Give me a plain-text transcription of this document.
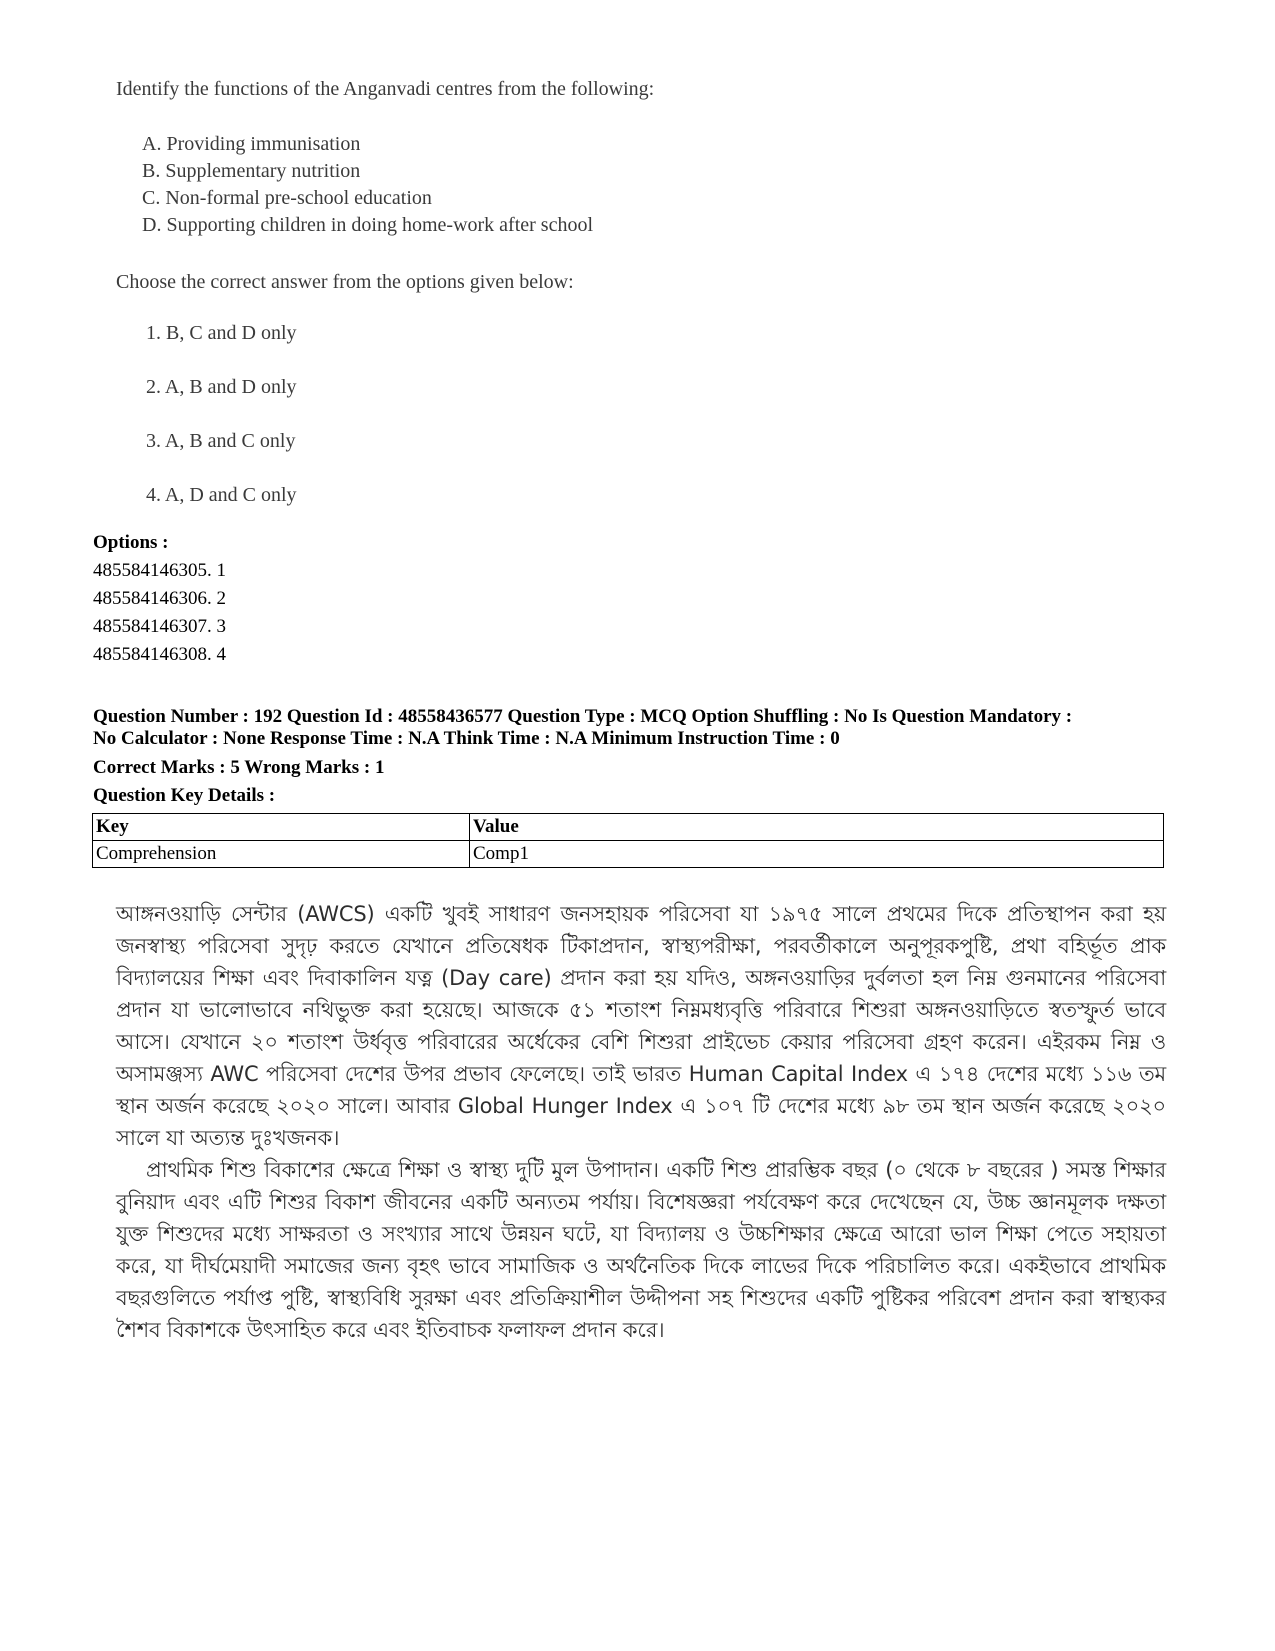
Identify the functions of the Anganvadi centres from the following:

A. Providing immunisation
B. Supplementary nutrition
C. Non-formal pre-school education
D. Supporting children in doing home-work after school
Choose the correct answer from the options given below:
1. B, C and D only
2. A, B and D only
3. A, B and C only
4. A, D and C only
Options :
485584146305. 1
485584146306. 2
485584146307. 3
485584146308. 4
Question Number : 192 Question Id : 48558436577 Question Type : MCQ Option Shuffling : No Is Question Mandatory :
No Calculator : None Response Time : N.A Think Time : N.A Minimum Instruction Time : 0
Correct Marks : 5 Wrong Marks : 1
Question Key Details :
Key	Value
Comprehension	Comp1

আঙ্গনওয়াড়ি সেন্টার (AWCS) একটি খুবই সাধারণ জনসহায়ক পরিসেবা যা ১৯৭৫ সালে প্রথমের দিকে প্রতিস্থাপন করা হয় জনস্বাস্থ্য পরিসেবা সুদৃঢ় করতে যেখানে প্রতিষেধক টিকাপ্রদান, স্বাস্থ্যপরীক্ষা, পরবর্তীকালে অনুপূরকপুষ্টি, প্রথা বহির্ভূত প্রাক বিদ্যালয়ের শিক্ষা এবং দিবাকালিন যত্ন (Day care) প্রদান করা হয় যদিও, অঙ্গনওয়াড়ির দুর্বলতা হল নিম্ন গুনমানের পরিসেবা প্রদান যা ভালোভাবে নথিভুক্ত করা হয়েছে। আজকে ৫১ শতাংশ নিম্নমধ্যবৃত্তি পরিবারে শিশুরা অঙ্গনওয়াড়িতে স্বতস্ফুর্ত ভাবে আসে। যেখানে ২০ শতাংশ উর্ধবৃত্ত পরিবারের অর্ধেকের বেশি শিশুরা প্রাইভেচ কেয়ার পরিসেবা গ্রহণ করেন। এইরকম নিম্ন ও অসামঞ্জস্য AWC পরিসেবা দেশের উপর প্রভাব ফেলেছে। তাই ভারত Human Capital Index এ ১৭৪ দেশের মধ্যে ১১৬ তম স্থান অর্জন করেছে ২০২০ সালে। আবার Global Hunger Index এ ১০৭ টি দেশের মধ্যে ৯৮ তম স্থান অর্জন করেছে ২০২০ সালে যা অত্যন্ত দুঃখজনক।

প্রাথমিক শিশু বিকাশের ক্ষেত্রে শিক্ষা ও স্বাস্থ্য দুটি মুল উপাদান। একটি শিশু প্রারম্ভিক বছর (০ থেকে ৮ বছরের ) সমস্ত শিক্ষার বুনিয়াদ এবং এটি শিশুর বিকাশ জীবনের একটি অন্যতম পর্যায়। বিশেষজ্ঞরা পর্যবেক্ষণ করে দেখেছেন যে, উচ্চ জ্ঞানমূলক দক্ষতা যুক্ত শিশুদের মধ্যে সাক্ষরতা ও সংখ্যার সাথে উন্নয়ন ঘটে, যা বিদ্যালয় ও উচ্চশিক্ষার ক্ষেত্রে আরো ভাল শিক্ষা পেতে সহায়তা করে, যা দীর্ঘমেয়াদী সমাজের জন্য বৃহৎ ভাবে সামাজিক ও অর্থনৈতিক দিকে লাভের দিকে পরিচালিত করে। একইভাবে প্রাথমিক বছরগুলিতে পর্যাপ্ত পুষ্টি, স্বাস্থ্যবিধি সুরক্ষা এবং প্রতিক্রিয়াশীল উদ্দীপনা সহ শিশুদের একটি পুষ্টিকর পরিবেশ প্রদান করা স্বাস্থ্যকর শৈশব বিকাশকে উৎসাহিত করে এবং ইতিবাচক ফলাফল প্রদান করে।
